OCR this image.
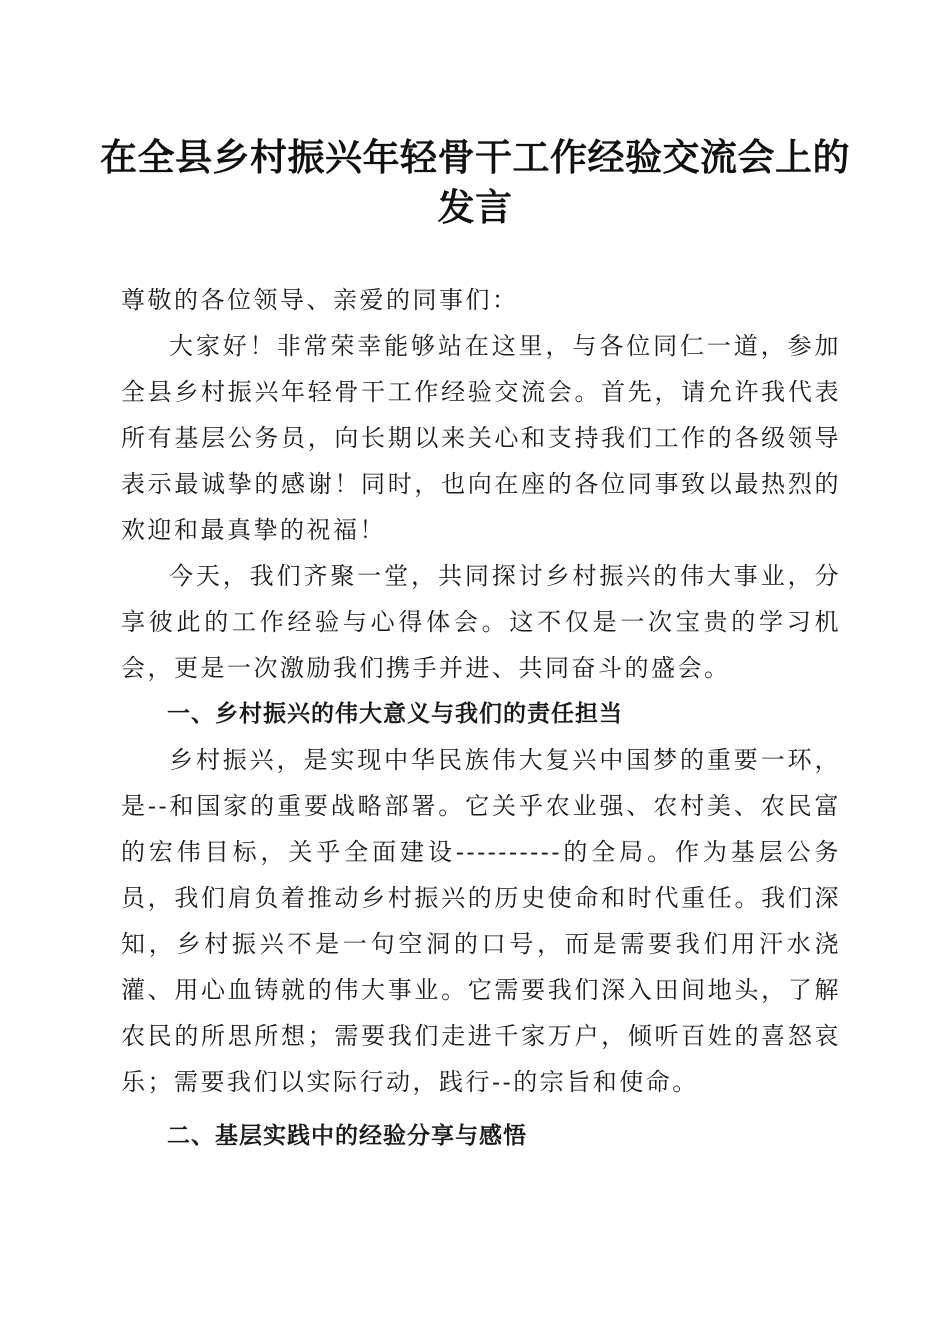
在全县乡村振兴年轻骨干工作经验交流会上的
发言

尊敬的各位领导、亲爱的同事们：

大家好！非常荣幸能够站在这里，与各位同仁一道，参加全县乡村振兴年轻骨干工作经验交流会。首先，请允许我代表所有基层公务员，向长期以来关心和支持我们工作的各级领导表示最诚挚的感谢！同时，也向在座的各位同事致以最热烈的欢迎和最真挚的祝福！

今天，我们齐聚一堂，共同探讨乡村振兴的伟大事业，分享彼此的工作经验与心得体会。这不仅是一次宝贵的学习机会，更是一次激励我们携手并进、共同奋斗的盛会。

一、乡村振兴的伟大意义与我们的责任担当

乡村振兴，是实现中华民族伟大复兴中国梦的重要一环，是--和国家的重要战略部署。它关乎农业强、农村美、农民富的宏伟目标，关乎全面建设----------的全局。作为基层公务员，我们肩负着推动乡村振兴的历史使命和时代重任。我们深知，乡村振兴不是一句空洞的口号，而是需要我们用汗水浇灌、用心血铸就的伟大事业。它需要我们深入田间地头，了解农民的所思所想；需要我们走进千家万户，倾听百姓的喜怒哀乐；需要我们以实际行动，践行--的宗旨和使命。

二、基层实践中的经验分享与感悟
